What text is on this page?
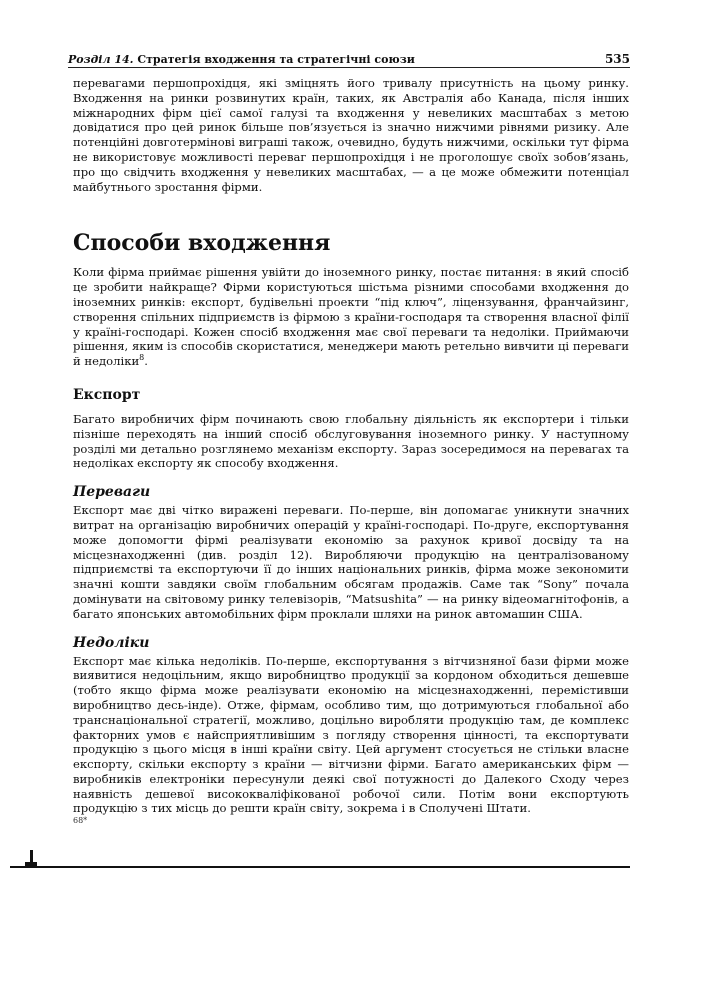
Розділ 14. Стратегія входження та стратегічні союзи	535

перевагами першопрохідця, які зміцнять його тривалу присутність на цьому ринку. Входження на ринки розвинутих країн, таких, як Австралія або Канада, після інших міжнародних фірм цієї самої галузі та входження у невеликих масштабах з метою довідатися про цей ринок більше пов’язується із значно нижчими рівнями ризику. Але потенційні довготермінові виграші також, очевидно, будуть нижчими, оскільки тут фірма не використовує можливості переваг першопрохідця і не проголошує своїх зобов’язань, про що свідчить входження у невеликих масштабах, — а це може обмежити потенціал майбутнього зростання фірми.

Способи входження

Коли фірма приймає рішення увійти до іноземного ринку, постає питання: в який спосіб це зробити найкраще? Фірми користуються шістьма різними способами входження до іноземних ринків: експорт, будівельні проекти “під ключ”, ліцензування, франчайзинг, створення спільних підприємств із фірмою з країни-господаря та створення власної філії у країні-господарі. Кожен спосіб входження має свої переваги та недоліки. Приймаючи рішення, яким із способів скористатися, менеджери мають ретельно вивчити ці переваги й недоліки$^8$.

Експорт

Багато виробничих фірм починають свою глобальну діяльність як експортери і тільки пізніше переходять на інший спосіб обслуговування іноземного ринку. У наступному розділі ми детально розглянемо механізм експорту. Зараз зосередимося на перевагах та недоліках експорту як способу входження.

Переваги

Експорт має дві чітко виражені переваги. По-перше, він допомагає уникнути значних витрат на організацію виробничих операцій у країні-господарі. По-друге, експортування може допомогти фірмі реалізувати економію за рахунок кривої досвіду та на місцезнаходженні (див. розділ 12). Виробляючи продукцію на централізованому підприємстві та експортуючи її до інших національних ринків, фірма може зекономити значні кошти завдяки своїм глобальним обсягам продажів. Саме так “Sony” почала домінувати на світовому ринку телевізорів, “Matsushita” — на ринку відеомагнітофонів, а багато японських автомобільних фірм проклали шляхи на ринок автомашин США.

Недоліки

Експорт має кілька недоліків. По-перше, експортування з вітчизняної бази фірми може виявитися недоцільним, якщо виробництво продукції за кордоном обходиться дешевше (тобто якщо фірма може реалізувати економію на місцезнаходженні, перемістивши виробництво десь-інде). Отже, фірмам, особливо тим, що дотримуються глобальної або транснаціональної стратегії, можливо, доцільно виробляти продукцію там, де комплекс факторних умов є найсприятливішим з погляду створення цінності, та експортувати продукцію з цього місця в інші країни світу. Цей аргумент стосується не стільки власне експорту, скільки експорту з країни — вітчизни фірми. Багато американських фірм — виробників електроніки пересунули деякі свої потужності до Далекого Сходу через наявність дешевої висококваліфікованої робочої сили. Потім вони експортують продукцію з тих місць до решти країн світу, зокрема і в Сполучені Штати.

68*
